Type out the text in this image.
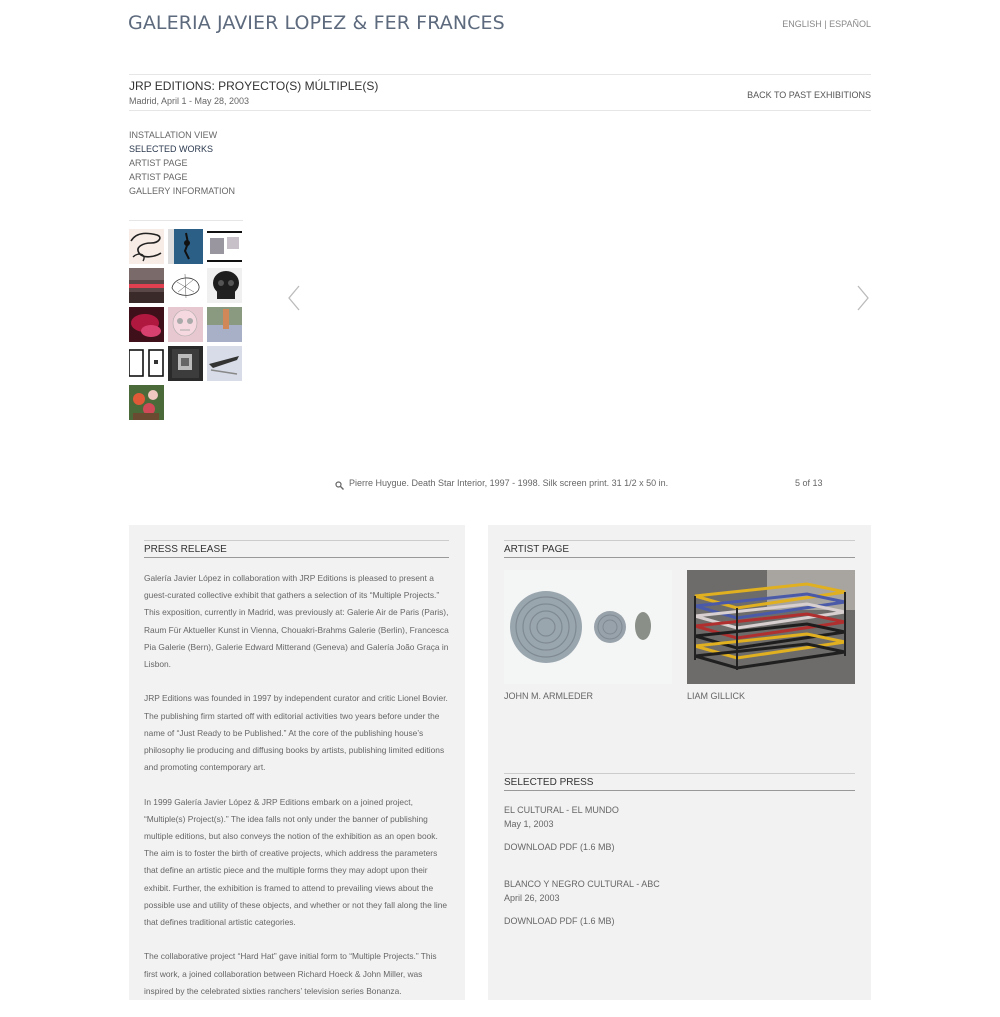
GALERIA JAVIER LOPEZ & FER FRANCES	ENGLISH | ESPAÑOL
JRP EDITIONS: PROYECTO(S) MÚLTIPLE(S)
Madrid, April 1 - May 28, 2003
BACK TO PAST EXHIBITIONS
INSTALLATION VIEW
SELECTED WORKS
ARTIST PAGE
ARTIST PAGE
GALLERY INFORMATION
Pierre Huygue. Death Star Interior, 1997 - 1998. Silk screen print. 31 1/2 x 50 in.	5 of 13
PRESS RELEASE

Galería Javier López in collaboration with JRP Editions is pleased to present a guest-curated collective exhibit that gathers a selection of its “Multiple Projects.” This exposition, currently in Madrid, was previously at: Galerie Air de Paris (Paris), Raum Für Aktueller Kunst in Vienna, Chouakri-Brahms Galerie (Berlin), Francesca Pia Galerie (Bern), Galerie Edward Mitterand (Geneva) and Galería João Graça in Lisbon.

JRP Editions was founded in 1997 by independent curator and critic Lionel Bovier. The publishing firm started off with editorial activities two years before under the name of “Just Ready to be Published.” At the core of the publishing house’s philosophy lie producing and diffusing books by artists, publishing limited editions and promoting contemporary art.

In 1999 Galería Javier López & JRP Editions embark on a joined project, “Multiple(s) Project(s).” The idea falls not only under the banner of publishing multiple editions, but also conveys the notion of the exhibition as an open book. The aim is to foster the birth of creative projects, which address the parameters that define an artistic piece and the multiple forms they may adopt upon their exhibit. Further, the exhibition is framed to attend to prevailing views about the possible use and utility of these objects, and whether or not they fall along the line that defines traditional artistic categories.

The collaborative project “Hard Hat” gave initial form to “Multiple Projects.” This first work, a joined collaboration between Richard Hoeck & John Miller, was inspired by the celebrated sixties ranchers’ television series Bonanza.

ARTIST PAGE
JOHN M. ARMLEDER	LIAM GILLICK
SELECTED PRESS
EL CULTURAL - EL MUNDO
May 1, 2003
DOWNLOAD PDF (1.6 MB)
BLANCO Y NEGRO CULTURAL - ABC
April 26, 2003
DOWNLOAD PDF (1.6 MB)
